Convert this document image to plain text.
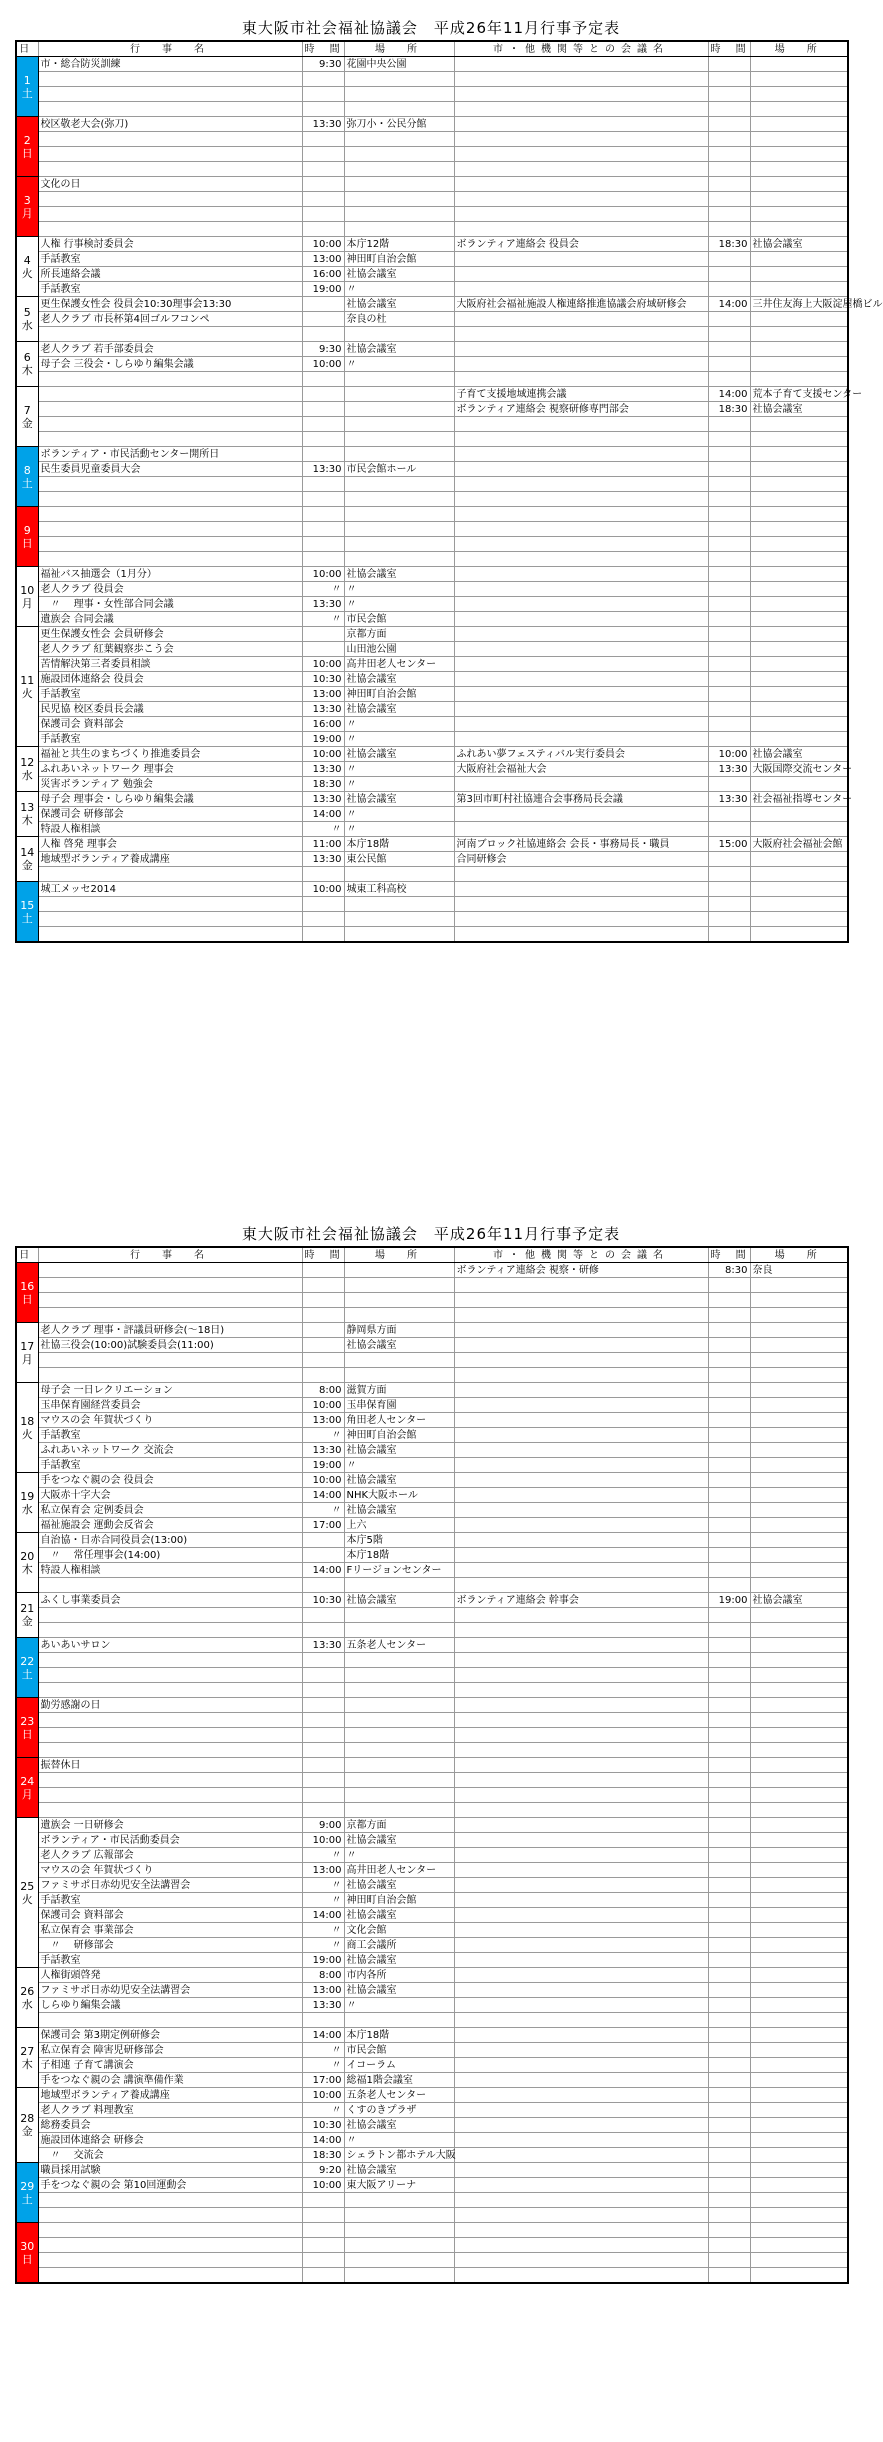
東大阪市社会福祉協議会　平成26年11月行事予定表
日	行　事　名	時 間	場　所	市・他機関等との会議名	時 間	場　所
1
土	市・総合防災訓練	9:30	花園中央公園			

2
日	校区敬老大会(弥刀)	13:30	弥刀小・公民分館			

3
月	文化の日					

4
火	人権 行事検討委員会	10:00	本庁12階	ボランティア連絡会 役員会	18:30	社協会議室
	手話教室	13:00	神田町自治会館			
	所長連絡会議	16:00	社協会議室			
	手話教室	19:00	〃			
5
水	更生保護女性会 役員会10:30理事会13:30		社協会議室	大阪府社会福祉施設人権連絡推進協議会府域研修会	14:00	三井住友海上大阪淀屋橋ビル
	老人クラブ 市長杯第4回ゴルフコンペ		奈良の杜			

6
木	老人クラブ 若手部委員会	9:30	社協会議室			
	母子会 三役会・しらゆり編集会議	10:00	〃			

7
金				子育て支援地域連携会議	14:00	荒本子育て支援センター
				ボランティア連絡会 視察研修専門部会	18:30	社協会議室

8
土	ボランティア・市民活動センター開所日					
	民生委員児童委員大会	13:30	市民会館ホール			

9
日						

10
月	福祉バス抽選会（1月分）	10:00	社協会議室			
	老人クラブ 役員会	〃	〃			
	　〃　 理事・女性部合同会議	13:30	〃			
	遺族会 合同会議	〃	市民会館			
11
火	更生保護女性会 会員研修会		京都方面			
	老人クラブ 紅葉観察歩こう会		山田池公園			
	苦情解決第三者委員相談	10:00	高井田老人センター			
	施設団体連絡会 役員会	10:30	社協会議室			
	手話教室	13:00	神田町自治会館			
	民児協 校区委員長会議	13:30	社協会議室			
	保護司会 資料部会	16:00	〃			
	手話教室	19:00	〃			
12
水	福祉と共生のまちづくり推進委員会	10:00	社協会議室	ふれあい夢フェスティバル実行委員会	10:00	社協会議室
	ふれあいネットワーク 理事会	13:30	〃	大阪府社会福祉大会	13:30	大阪国際交流センター
	災害ボランティア 勉強会	18:30	〃			
13
木	母子会 理事会・しらゆり編集会議	13:30	社協会議室	第3回市町村社協連合会事務局長会議	13:30	社会福祉指導センター
	保護司会 研修部会	14:00	〃			
	特設人権相談	〃	〃			
14
金	人権 啓発 理事会	11:00	本庁18階	河南ブロック社協連絡会 会長・事務局長・職員	15:00	大阪府社会福祉会館
	地域型ボランティア養成講座	13:30	東公民館	合同研修会		

15
土	城工メッセ2014	10:00	城東工科高校			

東大阪市社会福祉協議会　平成26年11月行事予定表
日	行　事　名	時 間	場　所	市・他機関等との会議名	時 間	場　所
16
日				ボランティア連絡会 視察・研修	8:30	奈良

17
月	老人クラブ 理事・評議員研修会(〜18日)		静岡県方面			
	社協三役会(10:00)試験委員会(11:00)		社協会議室			

18
火	母子会 一日レクリエーション	8:00	滋賀方面			
	玉串保育園経営委員会	10:00	玉串保育園			
	マウスの会 年賀状づくり	13:00	角田老人センター			
	手話教室	〃	神田町自治会館			
	ふれあいネットワーク 交流会	13:30	社協会議室			
	手話教室	19:00	〃			
19
水	手をつなぐ親の会 役員会	10:00	社協会議室			
	大阪赤十字大会	14:00	NHK大阪ホール			
	私立保育会 定例委員会	〃	社協会議室			
	福祉施設会 運動会反省会	17:00	上六			
20
木	自治協・日赤合同役員会(13:00)		本庁5階			
	　〃　 常任理事会(14:00)		本庁18階			
	特設人権相談	14:00	Fリージョンセンター			

21
金	ふくし事業委員会	10:30	社協会議室	ボランティア連絡会 幹事会	19:00	社協会議室

22
土	あいあいサロン	13:30	五条老人センター			

23
日	勤労感謝の日					

24
月	振替休日					

25
火	遺族会 一日研修会	9:00	京都方面			
	ボランティア・市民活動委員会	10:00	社協会議室			
	老人クラブ 広報部会	〃	〃			
	マウスの会 年賀状づくり	13:00	高井田老人センター			
	ファミサポ日赤幼児安全法講習会	〃	社協会議室			
	手話教室	〃	神田町自治会館			
	保護司会 資料部会	14:00	社協会議室			
	私立保育会 事業部会	〃	文化会館			
	　〃　 研修部会	〃	商工会議所			
	手話教室	19:00	社協会議室			
26
水	人権街頭啓発	8:00	市内各所			
	ファミサポ日赤幼児安全法講習会	13:00	社協会議室			
	しらゆり編集会議	13:30	〃			

27
木	保護司会 第3期定例研修会	14:00	本庁18階			
	私立保育会 障害児研修部会	〃	市民会館			
	子相連 子育て講演会	〃	イコーラム			
	手をつなぐ親の会 講演準備作業	17:00	総福1階会議室			
28
金	地域型ボランティア養成講座	10:00	五条老人センター			
	老人クラブ 料理教室	〃	くすのきプラザ			
	総務委員会	10:30	社協会議室			
	施設団体連絡会 研修会	14:00	〃			
	　〃　 交流会	18:30	シェラトン都ホテル大阪			
29
土	職員採用試験	9:20	社協会議室			
	手をつなぐ親の会 第10回運動会	10:00	東大阪アリーナ			

30
日						
